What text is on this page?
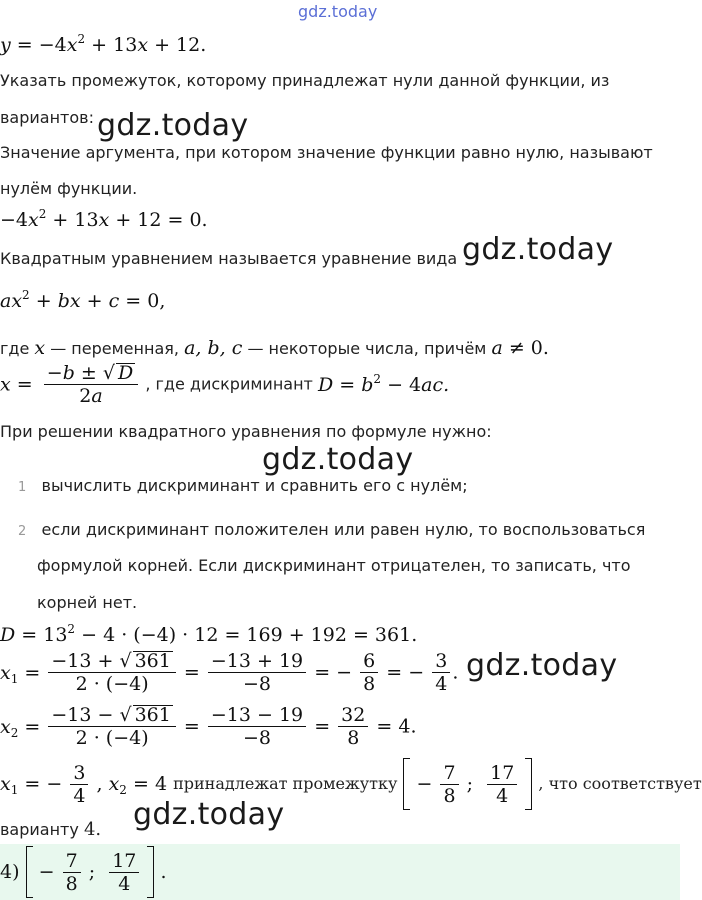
gdz.today
$y = -4x^2 + 13x + 12$.
Указать промежуток, которому принадлежат нули данной функции, из
вариантов: gdz.today
Значение аргумента, при котором значение функции равно нулю, называют
нулём функции.
$-4x^2 + 13x + 12 = 0$.
Квадратным уравнением называется уравнение вида gdz.today
$ax^2$ + bx + c = 0,
где x — переменная, a, b, c — некоторые числа, причём a ≠ 0.
$x = \frac{-b \pm √ D}{2a}$ , где дискриминант $D = b^2 - 4ac$.
При решении квадратного уравнения по формуле нужно:
gdz.today
1 вычислить дискриминант и сравнить его с нулём;
2 если дискриминант положителен или равен нулю, то воспользоваться
формулой корней. Если дискриминант отрицателен, то записать, что
корней нет.
$D = 13^2 - 4 \cdot (-4) \cdot 12 = 169 + 192 = 361$.
$x_1 = \frac{-13 + √ 361}{2 \cdot (-4)} = \frac{-13 + 19}{-8}$ = − $\frac{6}{8}$ = − $\frac{3}{4}$ . gdz.today
$x_2 = \frac{-13 - √ 361}{2 \cdot (-4)} = \frac{-13 - 19}{-8} = \frac{32}{8} = 4$.
$x_1$ = − $\frac{3}{4}$ , $x_2 = 4$ принадлежат промежутку − $\frac{7}{8}$ ; $\frac{17}{4}$ , что соответствует
варианту 4. gdz.today
$4) - \frac{7}{8}$ ; $\frac{17}{4}$ .
